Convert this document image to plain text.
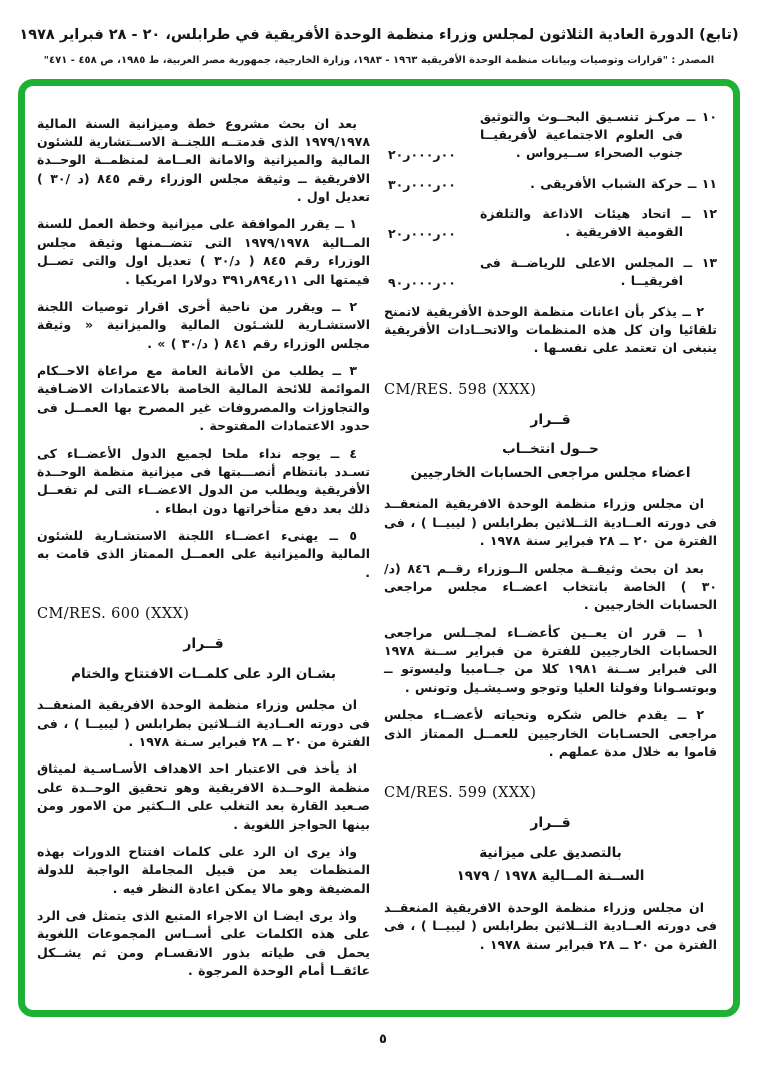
(تابع) الدورة العادية الثلاثون لمجلس وزراء منظمة الوحدة الأفريقية في طرابلس، ٢٠ - ٢٨ فبراير ١٩٧٨
المصدر : "قرارات وتوصيات وبيانات منظمة الوحدة الأفريقية ١٩٦٣ - ١٩٨٣، وزارة الخارجية، جمهورية مصر العربية، ط ١٩٨٥، ص ٤٥٨ - ٤٧١"
١٠ ــ مركـز تنسـيق البحــوث والتوثيق فى العلوم الاجتماعية لأفريقيــا جنوب الصحراء ســيرواس .
٠٠ر٠٠٠ر٢٠
١١ ــ حركة الشباب الأفريقى .
٠٠ر٠٠٠ر٣٠
١٢ ــ اتحاد هيئات الاذاعة والتلفزة القومية الافريقية .
٠٠ر٠٠٠ر٢٠
١٣ ــ المجلس الاعلى للرياضــة فى افريقيــا .
٠٠ر٠٠٠ر٩٠

٢ ــ يذكر بأن اعانات منظمة الوحدة الأفريقية لاتمنح تلقائيا وان كل هذه المنظمات والاتحــادات الأفريقية ينبغى ان تعتمد على نفسـها .

CM/RES. 598 (XXX)
قــرار
حــول انتخــاب
اعضاء مجلس مراجعى الحسابات الخارجيين

ان مجلس وزراء منظمة الوحدة الافريقية المنعقــد فى دورته العــادية الثــلاثين بطرابلس ( ليبيــا ) ، فى الفترة من ٢٠ ــ ٢٨ فبراير سنة ١٩٧٨ .

بعد ان بحث وثيقــة مجلس الــوزراء رقــم ٨٤٦ (د/٣٠ ) الخاصة بانتخاب اعضــاء مجلس مراجعى الحسابات الخارجيين .

١ ــ قرر ان يعــين كأعضــاء لمجــلس مراجعى الحسابات الخارجيين للفترة من فبراير ســنة ١٩٧٨ الى فبراير ســنة ١٩٨١ كلا من جــامبيا وليسوتو ــ وبوتسـوانا وفولتا العليا وتوجو وسـيشـيل وتونس .

٢ ــ يقدم خالص شكره وتحياته لأعضــاء مجلس مراجعى الحسـابات الخارجيين للعمــل الممتاز الذى قاموا به خلال مدة عملهم .

CM/RES. 599 (XXX)
قــرار
بالتصديق على ميزانية
الســنة المــالية ١٩٧٨ / ١٩٧٩

ان مجلس وزراء منظمة الوحدة الافريقية المنعقــد فى دورته العــادية الثــلاثين بطرابلس ( ليبيــا ) ، فى الفترة من ٢٠ ــ ٢٨ فبراير سنة ١٩٧٨ .

بعد ان بحث مشروع خطة وميزانية السنة المالية ١٩٧٩/١٩٧٨ الذى قدمتــه اللجنــة الاســتشارية للشئون المالية والميزانية والامانة العــامة لمنظمــة الوحــدة الافريقية ــ وثيقة مجلس الوزراء رقم ٨٤٥ (د /٣٠ ) تعديل اول .

١ ــ يقرر الموافقة على ميزانية وخطة العمل للسنة المــالية ١٩٧٩/١٩٧٨ التى تتضــمنها وثيقة مجلس الوزراء رقم ٨٤٥ ( د/٣٠ ) تعديل اول والتى تصــل قيمتها الى ١١ر٨٩٤ر٣٩١ دولارا امريكيا .

٢ ــ ويقرر من ناحية أخرى اقرار توصيات اللجنة الاستشـارية للشـئون المالية والميزانية « وثيقة مجلس الوزراء رقم ٨٤١ ( د/٣٠ ) » .

٣ ــ يطلب من الأمانة العامة مع مراعاة الاحــكام الموائمة للائحة المالية الخاصة بالاعتمادات الاضـافية والتجاوزات والمصروفات غير المصرح بها العمــل فى حدود الاعتمادات المفتوحة .

٤ ــ يوجه نداء ملحا لجميع الدول الأعضــاء كى تسـدد بانتظام أنصـــبتها فى ميزانية منظمة الوحــدة الأفريقية ويطلب من الدول الاعضــاء التى لم تفعــل ذلك بعد دفع متأخراتها دون ابطاء .

٥ ــ يهنىء اعضــاء اللجنة الاستشـارية للشئون المالية والميزانية على العمــل الممتاز الذى قامت به .

CM/RES. 600 (XXX)
قــرار
بشـان الرد على كلمــات الافتتاح والختام

ان مجلس وزراء منظمة الوحدة الافريقية المنعقــد فى دورته العــادية الثــلاثين بطرابلس ( ليبيــا ) ، فى الفترة من ٢٠ ــ ٢٨ فبراير سـنة ١٩٧٨ .

اذ يأخذ فى الاعتبار احد الاهداف الأسـاسـية لميثاق منظمة الوحــدة الافريقية وهو تحقيق الوحــدة على صـعيد القارة بعد التغلب على الــكثير من الامور ومن بينها الحواجز اللغوية .

واذ يرى ان الرد على كلمات افتتاح الدورات بهذه المنظمات يعد من قبيل المجاملة الواجبة للدولة المضيفة وهو مالا يمكن اعادة النظر فيه .

واذ يرى ايضـا ان الاجراء المتبع الذى يتمثل فى الرد على هذه الكلمات على أســاس المجموعات اللغوية يحمل فى طياته بذور الانقسـام ومن ثم يشــكل عائقــا أمام الوحدة المرجوة .

٥
